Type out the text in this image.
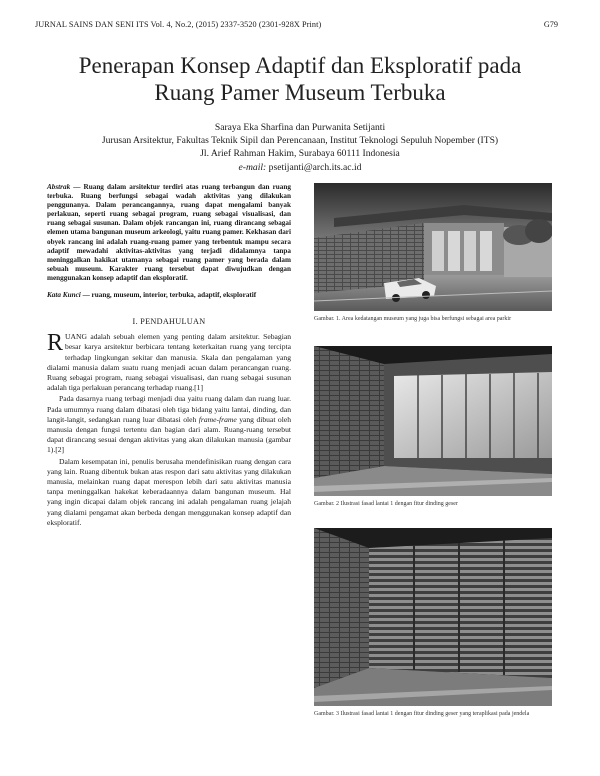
JURNAL SAINS DAN SENI ITS Vol. 4, No.2, (2015) 2337-3520 (2301-928X Print)	G79
Penerapan Konsep Adaptif dan Eksploratif pada
Ruang Pamer Museum Terbuka
Saraya Eka Sharfina dan Purwanita Setijanti
Jurusan Arsitektur, Fakultas Teknik Sipil dan Perencanaan, Institut Teknologi Sepuluh Nopember (ITS)
Jl. Arief Rahman Hakim, Surabaya 60111 Indonesia
e-mail: psetijanti@arch.its.ac.id

Abstrak — Ruang dalam arsitektur terdiri atas ruang terbangun dan ruang terbuka. Ruang berfungsi sebagai wadah aktivitas yang dilakukan penggunanya. Dalam perancangannya, ruang dapat mengalami banyak perlakuan, seperti ruang sebagai program, ruang sebagai visualisasi, dan ruang sebagai susunan. Dalam objek rancangan ini, ruang dirancang sebagai elemen utama bangunan museum arkeologi, yaitu ruang pamer. Kekhasan dari obyek rancang ini adalah ruang-ruang pamer yang terbentuk mampu secara adaptif mewadahi aktivitas-aktivitas yang terjadi didalamnya tanpa meninggalkan hakikat utamanya sebagai ruang pamer yang berada dalam sebuah museum. Karakter ruang tersebut dapat diwujudkan dengan menggunakan konsep adaptif dan eksploratif.

Kata Kunci — ruang, museum, interior, terbuka, adaptif, eksploratif

I. PENDAHULUAN

RUANG adalah sebuah elemen yang penting dalam arsitektur. Sebagian besar karya arsitektur berbicara tentang keterkaitan ruang yang tercipta terhadap lingkungan sekitar dan manusia. Skala dan pengalaman yang dialami manusia dalam suatu ruang menjadi acuan dalam perancangan ruang. Ruang sebagai program, ruang sebagai visualisasi, dan ruang sebagai susunan adalah tiga perlakuan perancang terhadap ruang.[1]

Pada dasarnya ruang terbagi menjadi dua yaitu ruang dalam dan ruang luar. Pada umumnya ruang dalam dibatasi oleh tiga bidang yaitu lantai, dinding, dan langit-langit, sedangkan ruang luar dibatasi oleh frame-frame yang dibuat oleh manusia dengan fungsi tertentu dan bagian dari alam. Ruang-ruang tersebut dapat dirancang sesuai dengan aktivitas yang akan dilakukan manusia (gambar 1).[2]

Dalam kesempatan ini, penulis berusaha mendefinisikan ruang dengan cara yang lain. Ruang dibentuk bukan atas respon dari satu aktivitas yang dilakukan manusia, melainkan ruang dapat merespon lebih dari satu aktivitas manusia tanpa meninggalkan hakekat keberadaannya dalam bangunan museum. Hal yang ingin dicapai dalam objek rancang ini adalah pengalaman ruang jelajah yang dialami pengamat akan berbeda dengan menggunakan konsep adaptif dan eksploratif.

Gambar. 1. Area kedatangan museum yang juga bisa berfungsi sebagai area parkir
Gambar. 2 Ilustrasi fasad lantai 1 dengan fitur dinding geser
Gambar. 3 Ilustrasi fasad lantai 1 dengan fitur dinding geser yang teraplikasi pada jendela
